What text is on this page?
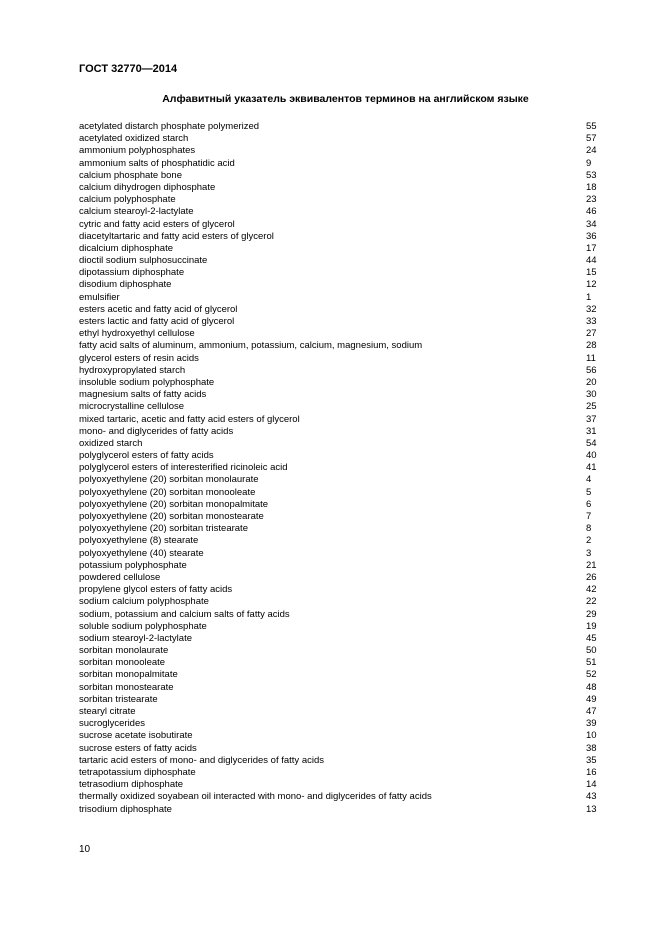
ГОСТ 32770—2014

Алфавитный указатель эквивалентов терминов на английском языке
acetylated distarch phosphate polymerized	55
acetylated oxidized starch	57
ammonium polyphosphates	24
ammonium salts of phosphatidic acid	9
calcium phosphate bone	53
calcium dihydrogen diphosphate	18
calcium polyphosphate	23
calcium stearoyl-2-lactylate	46
cytric and fatty acid esters of glycerol	34
diacetyltartaric and fatty acid esters of glycerol	36
dicalcium diphosphate	17
dioctil sodium sulphosuccinate	44
dipotassium diphosphate	15
disodium diphosphate	12
emulsifier	1
esters acetic and fatty acid of glycerol	32
esters lactic and fatty acid of glycerol	33
ethyl hydroxyethyl cellulose	27
fatty acid salts of aluminum, ammonium, potassium, calcium, magnesium, sodium	28
glycerol esters of resin acids	11
hydroxypropylated starch	56
insoluble sodium polyphosphate	20
magnesium salts of fatty acids	30
microcrystalline cellulose	25
mixed tartaric, acetic and fatty acid esters of glycerol	37
mono- and diglycerides of fatty acids	31
oxidized starch	54
polyglycerol esters of fatty acids	40
polyglycerol esters of interesterified ricinoleic acid	41
polyoxyethylene (20) sorbitan monolaurate	4
polyoxyethylene (20) sorbitan monooleate	5
polyoxyethylene (20) sorbitan monopalmitate	6
polyoxyethylene (20) sorbitan monostearate	7
polyoxyethylene (20) sorbitan tristearate	8
polyoxyethylene (8) stearate	2
polyoxyethylene (40) stearate	3
potassium polyphosphate	21
powdered cellulose	26
propylene glycol esters of fatty acids	42
sodium calcium polyphosphate	22
sodium, potassium and calcium salts of fatty acids	29
soluble sodium polyphosphate	19
sodium stearoyl-2-lactylate	45
sorbitan monolaurate	50
sorbitan monooleate	51
sorbitan monopalmitate	52
sorbitan monostearate	48
sorbitan tristearate	49
stearyl citrate	47
sucroglycerides	39
sucrose acetate isobutirate	10
sucrose esters of fatty acids	38
tartaric acid esters of mono- and diglycerides of fatty acids	35
tetrapotassium diphosphate	16
tetrasodium diphosphate	14
thermally oxidized soyabean oil interacted with mono- and diglycerides of fatty acids	43
trisodium diphosphate	13

10
